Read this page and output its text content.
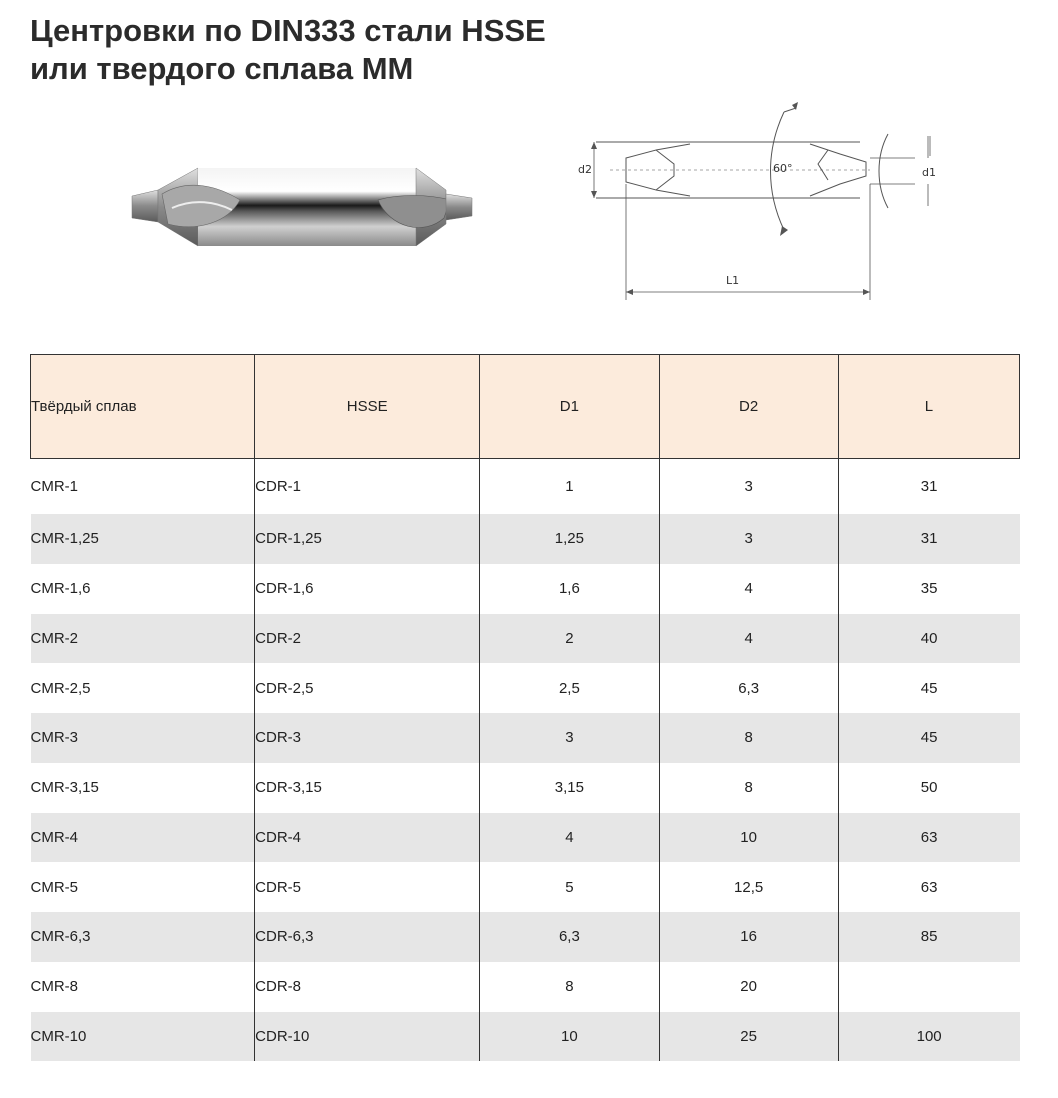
Центровки по DIN333 стали HSSE
или твердого сплава MM
60°
d2	d1
L1
Твёрдый сплав	HSSE	D1	D2	L
CMR-1	CDR-1	1	3	31
CMR-1,25	CDR-1,25	1,25	3	31
CMR-1,6	CDR-1,6	1,6	4	35
CMR-2	CDR-2	2	4	40
CMR-2,5	CDR-2,5	2,5	6,3	45
CMR-3	CDR-3	3	8	45
CMR-3,15	CDR-3,15	3,15	8	50
CMR-4	CDR-4	4	10	63
CMR-5	CDR-5	5	12,5	63
CMR-6,3	CDR-6,3	6,3	16	85
CMR-8	CDR-8	8	20	
CMR-10	CDR-10	10	25	100
